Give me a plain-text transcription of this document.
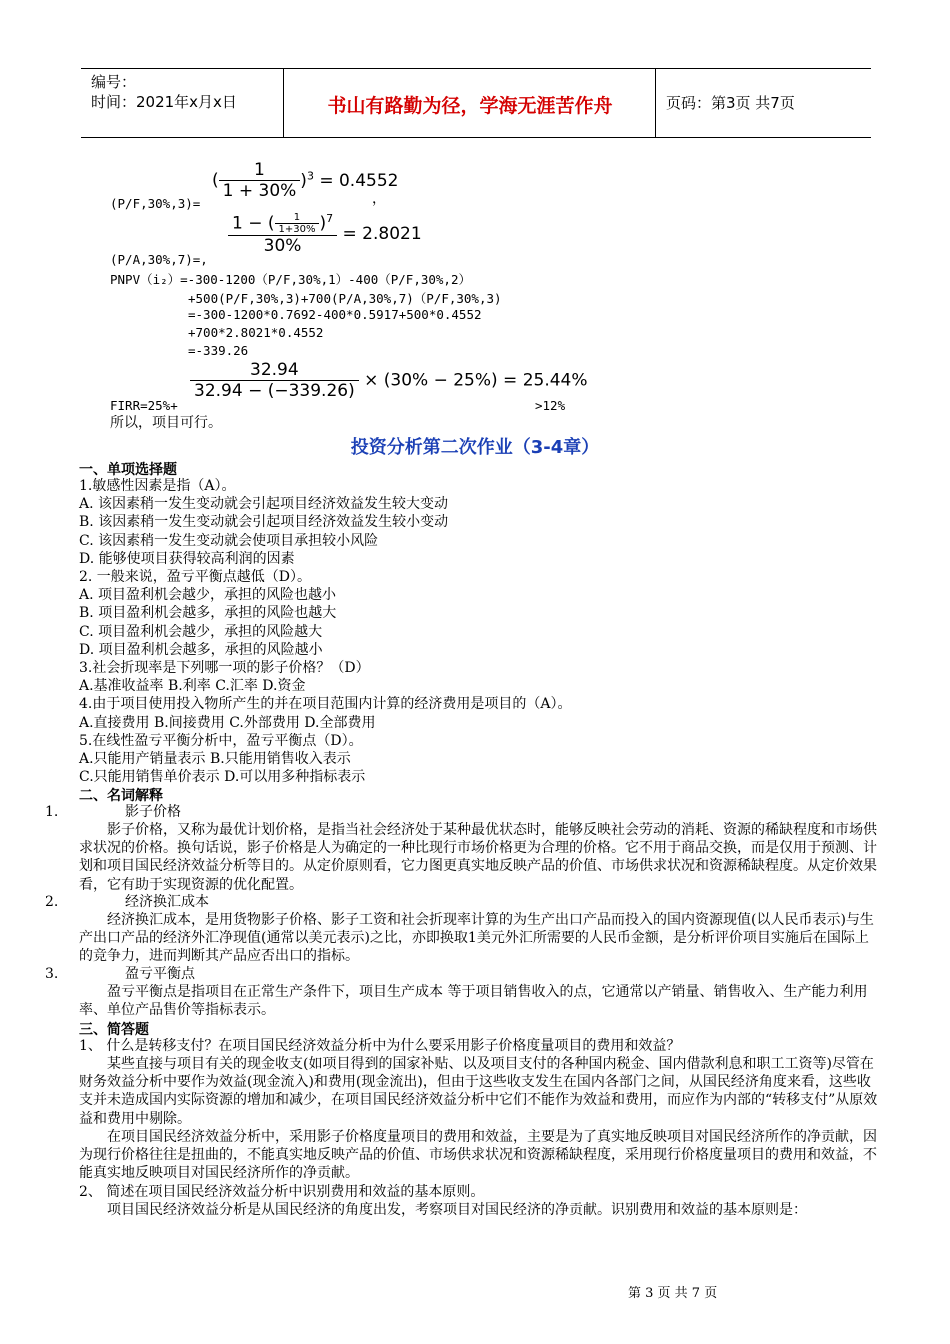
编号：
时间：2021年x月x日	书山有路勤为径，学海无涯苦作舟	页码：第3页 共7页
( $\frac{1}{1 + 30\%} )^3 = 0.4552$
(P/F,30%,3)=	，
$\frac{1 - ( \frac{1}{1+30\%} )^7}{30\%} = 2.8021$
(P/A,30%,7)=,
PNPV（i₂）=-300-1200（P/F,30%,1）-400（P/F,30%,2）
+500(P/F,30%,3)+700(P/A,30%,7)（P/F,30%,3)
=-300-1200*0.7692-400*0.5917+500*0.4552
+700*2.8021*0.4552
=-339.26
$\frac{32.94}{32.94 - (-339.26)} \times (30\% - 25\%) = 25.44\%$
FIRR=25%+	>12%
所以，项目可行。
投资分析第二次作业（3-4章）
一、单项选择题
1.敏感性因素是指（A）。
A. 该因素稍一发生变动就会引起项目经济效益发生较大变动
B. 该因素稍一发生变动就会引起项目经济效益发生较小变动
C. 该因素稍一发生变动就会使项目承担较小风险
D. 能够使项目获得较高利润的因素
2. 一般来说，盈亏平衡点越低（D）。
A. 项目盈利机会越少，承担的风险也越小
B. 项目盈利机会越多，承担的风险也越大
C. 项目盈利机会越少，承担的风险越大
D. 项目盈利机会越多，承担的风险越小
3.社会折现率是下列哪一项的影子价格？（D）
A.基准收益率 B.利率 C.汇率 D.资金
4.由于项目使用投入物所产生的并在项目范围内计算的经济费用是项目的（A）。
A.直接费用 B.间接费用 C.外部费用 D.全部费用
5.在线性盈亏平衡分析中，盈亏平衡点（D）。
A.只能用产销量表示 B.只能用销售收入表示
C.只能用销售单价表示 D.可以用多种指标表示
二、名词解释
1.	影子价格

影子价格，又称为最优计划价格，是指当社会经济处于某种最优状态时，能够反映社会劳动的消耗、资源的稀缺程度和市场供求状况的价格。换句话说，影子价格是人为确定的一种比现行市场价格更为合理的价格。它不用于商品交换，而是仅用于预测、计划和项目国民经济效益分析等目的。从定价原则看，它力图更真实地反映产品的价值、市场供求状况和资源稀缺程度。从定价效果看，它有助于实现资源的优化配置。

2.	经济换汇成本

经济换汇成本，是用货物影子价格、影子工资和社会折现率计算的为生产出口产品而投入的国内资源现值(以人民币表示)与生产出口产品的经济外汇净现值(通常以美元表示)之比，亦即换取1美元外汇所需要的人民币金额，是分析评价项目实施后在国际上的竞争力，进而判断其产品应否出口的指标。

3.	盈亏平衡点

盈亏平衡点是指项目在正常生产条件下，项目生产成本 等于项目销售收入的点，它通常以产销量、销售收入、生产能力利用率、单位产品售价等指标表示。

三、简答题
1、 什么是转移支付？在项目国民经济效益分析中为什么要采用影子价格度量项目的费用和效益？

某些直接与项目有关的现金收支(如项目得到的国家补贴、以及项目支付的各种国内税金、国内借款利息和职工工资等)尽管在财务效益分析中要作为效益(现金流入)和费用(现金流出)，但由于这些收支发生在国内各部门之间，从国民经济角度来看，这些收支并未造成国内实际资源的增加和减少，在项目国民经济效益分析中它们不能作为效益和费用，而应作为内部的“转移支付”从原效益和费用中剔除。

在项目国民经济效益分析中，采用影子价格度量项目的费用和效益，主要是为了真实地反映项目对国民经济所作的净贡献，因为现行价格往往是扭曲的，不能真实地反映产品的价值、市场供求状况和资源稀缺程度，采用现行价格度量项目的费用和效益，不能真实地反映项目对国民经济所作的净贡献。

2、 简述在项目国民经济效益分析中识别费用和效益的基本原则。

项目国民经济效益分析是从国民经济的角度出发，考察项目对国民经济的净贡献。识别费用和效益的基本原则是：

第 3 页 共 7 页
